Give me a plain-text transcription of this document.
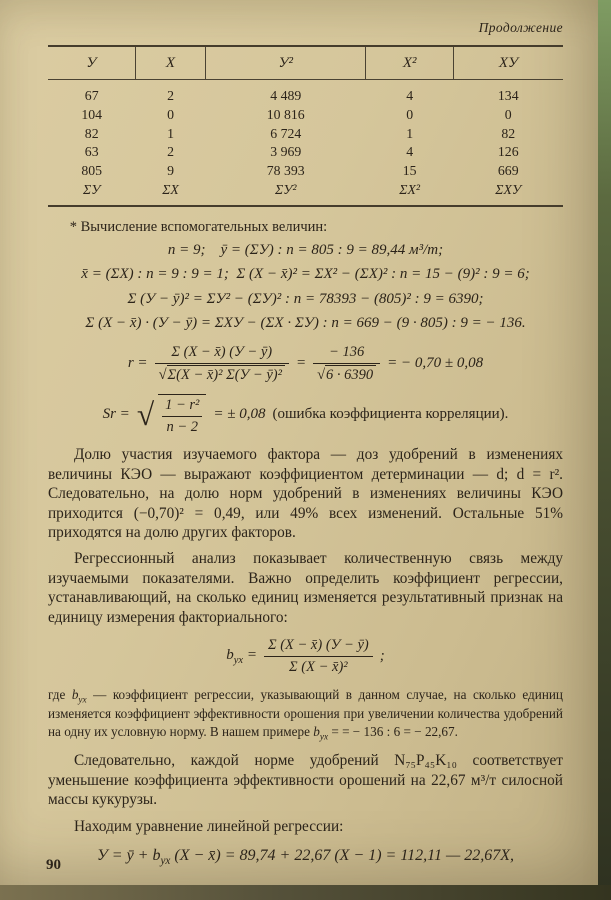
Продолжение
У	X	У²	X²	ХУ
67	2	4 489	4	134
104	0	10 816	0	0
82	1	6 724	1	82
63	2	3 969	4	126
805	9	78 393	15	669
ΣУ	ΣX	ΣУ²	ΣX²	ΣХУ

* Вычисление вспомогательных величин:

n = 9; ȳ = (ΣУ) : n = 805 : 9 = 89,44 м³/т;
x̄ = (ΣX) : n = 9 : 9 = 1; Σ (X − x̄)² = ΣX² − (ΣX)² : n = 15 − (9)² : 9 = 6;
Σ (У − ȳ)² = ΣУ² − (ΣУ)² : n = 78393 − (805)² : 9 = 6390;
Σ (X − x̄) · (У − ȳ) = ΣХУ − (ΣХ · ΣУ) : n = 669 − (9 · 805) : 9 = − 136.
$r = \frac{\Sigma (X - x̄) (У - ȳ)}{\text{√Σ(X − x̄)² Σ(У − ȳ)²}} = \frac{- 136}{√6 \cdot 6390}$ = − 0,70 ± 0,08
Sr = √ $\frac{\text{1 − r²}}{n - 2}$ = ± 0,08 (ошибка коэффициента корреляции).

Долю участия изучаемого фактора — доз удобрений в изменениях величины КЭО — выражают коэффициентом детерминации — d; d = r². Следовательно, на долю норм удобрений в изменениях величины КЭО приходится (−0,70)² = 0,49, или 49% всех изменений. Остальные 51% приходятся на долю других факторов.

Регрессионный анализ показывает количественную связь между изучаемыми показателями. Важно определить коэффициент регрессии, устанавливающий, на сколько единиц изменяется результативный признак на единицу измерения факториального:

$b_{yx} = \frac{\Sigma (X - x̄) (У - ȳ)}{\text{Σ (X − x̄)²}}$ ;

где $b_{yx}$ — коэффициент регрессии, указывающий в данном случае, на сколько единиц изменяется коэффициент эффективности орошения при увеличении количества удобрений на одну их условную норму. В нашем примере $b_{yx}$ = = − 136 : 6 = − 22,67.

Следовательно, каждой норме удобрений N₇₅P₄₅K₁₀ соответствует уменьшение коэффициента эффективности орошений на 22,67 м³/т силосной массы кукурузы.

Находим уравнение линейной регрессии:

У = ȳ + $b_{yx}$ (X − x̄) = 89,74 + 22,67 (X − 1) = 112,11 — 22,67X,
90
